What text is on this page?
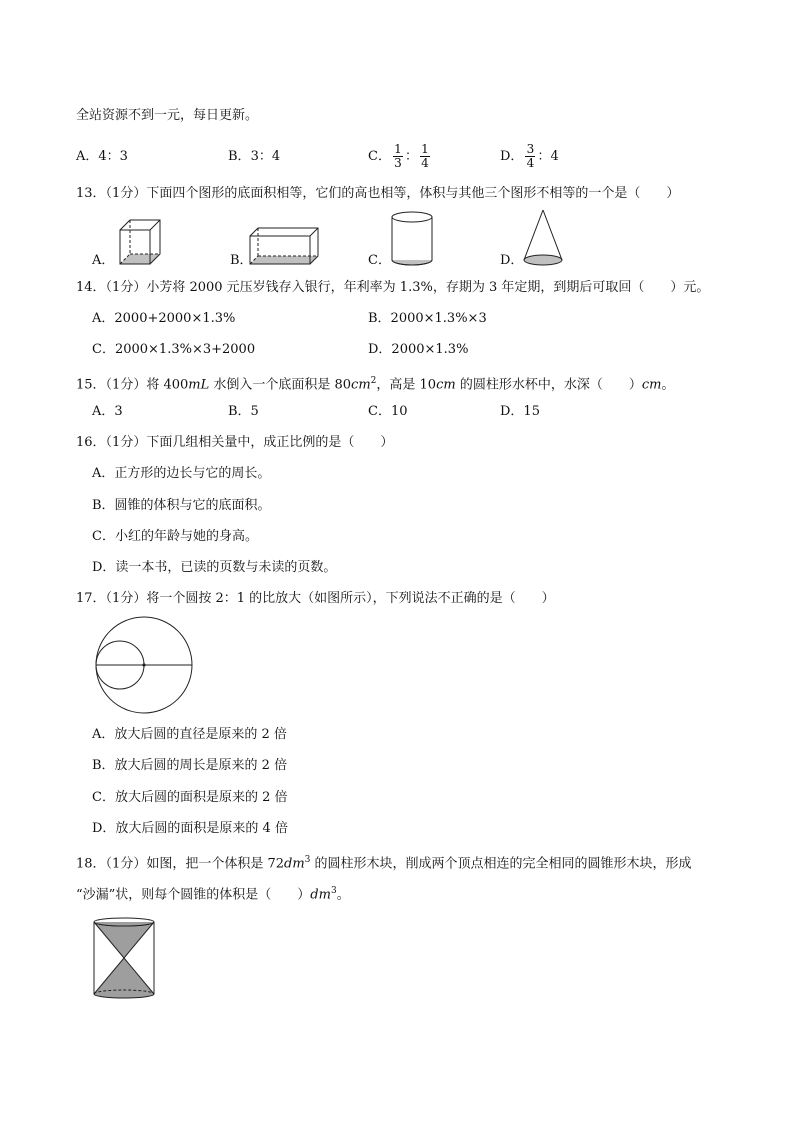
全站资源不到一元，每日更新。
A．4：3	B．3：4	C． $\frac{1}{3}$ ： $\frac{1}{4}$	D． $\frac{3}{4}$ ：4
13．（1分）下面四个图形的底面积相等，它们的高也相等，体积与其他三个图形不相等的一个是（　　）
A．	B．	C．	D．
14．（1分）小芳将 2000 元压岁钱存入银行，年利率为 1.3%，存期为 3 年定期，到期后可取回（　　）元。
A．2000+2000×1.3%	B．2000×1.3%×3
C．2000×1.3%×3+2000	D．2000×1.3%
15．（1分）将 400mL 水倒入一个底面积是 $80cm^2$，高是 10cm 的圆柱形水杯中，水深（　　）cm。
A．3	B．5	C．10	D．15
16．（1分）下面几组相关量中，成正比例的是（　　）
A．正方形的边长与它的周长。
B．圆锥的体积与它的底面积。
C．小红的年龄与她的身高。
D．读一本书，已读的页数与未读的页数。
17．（1分）将一个圆按 2：1 的比放大（如图所示），下列说法不正确的是（　　）
A．放大后圆的直径是原来的 2 倍
B．放大后圆的周长是原来的 2 倍
C．放大后圆的面积是原来的 2 倍
D．放大后圆的面积是原来的 4 倍
18．（1分）如图，把一个体积是 $72dm^3$ 的圆柱形木块，削成两个顶点相连的完全相同的圆锥形木块，形成
“沙漏”状，则每个圆锥的体积是（　　）$dm^3$。
